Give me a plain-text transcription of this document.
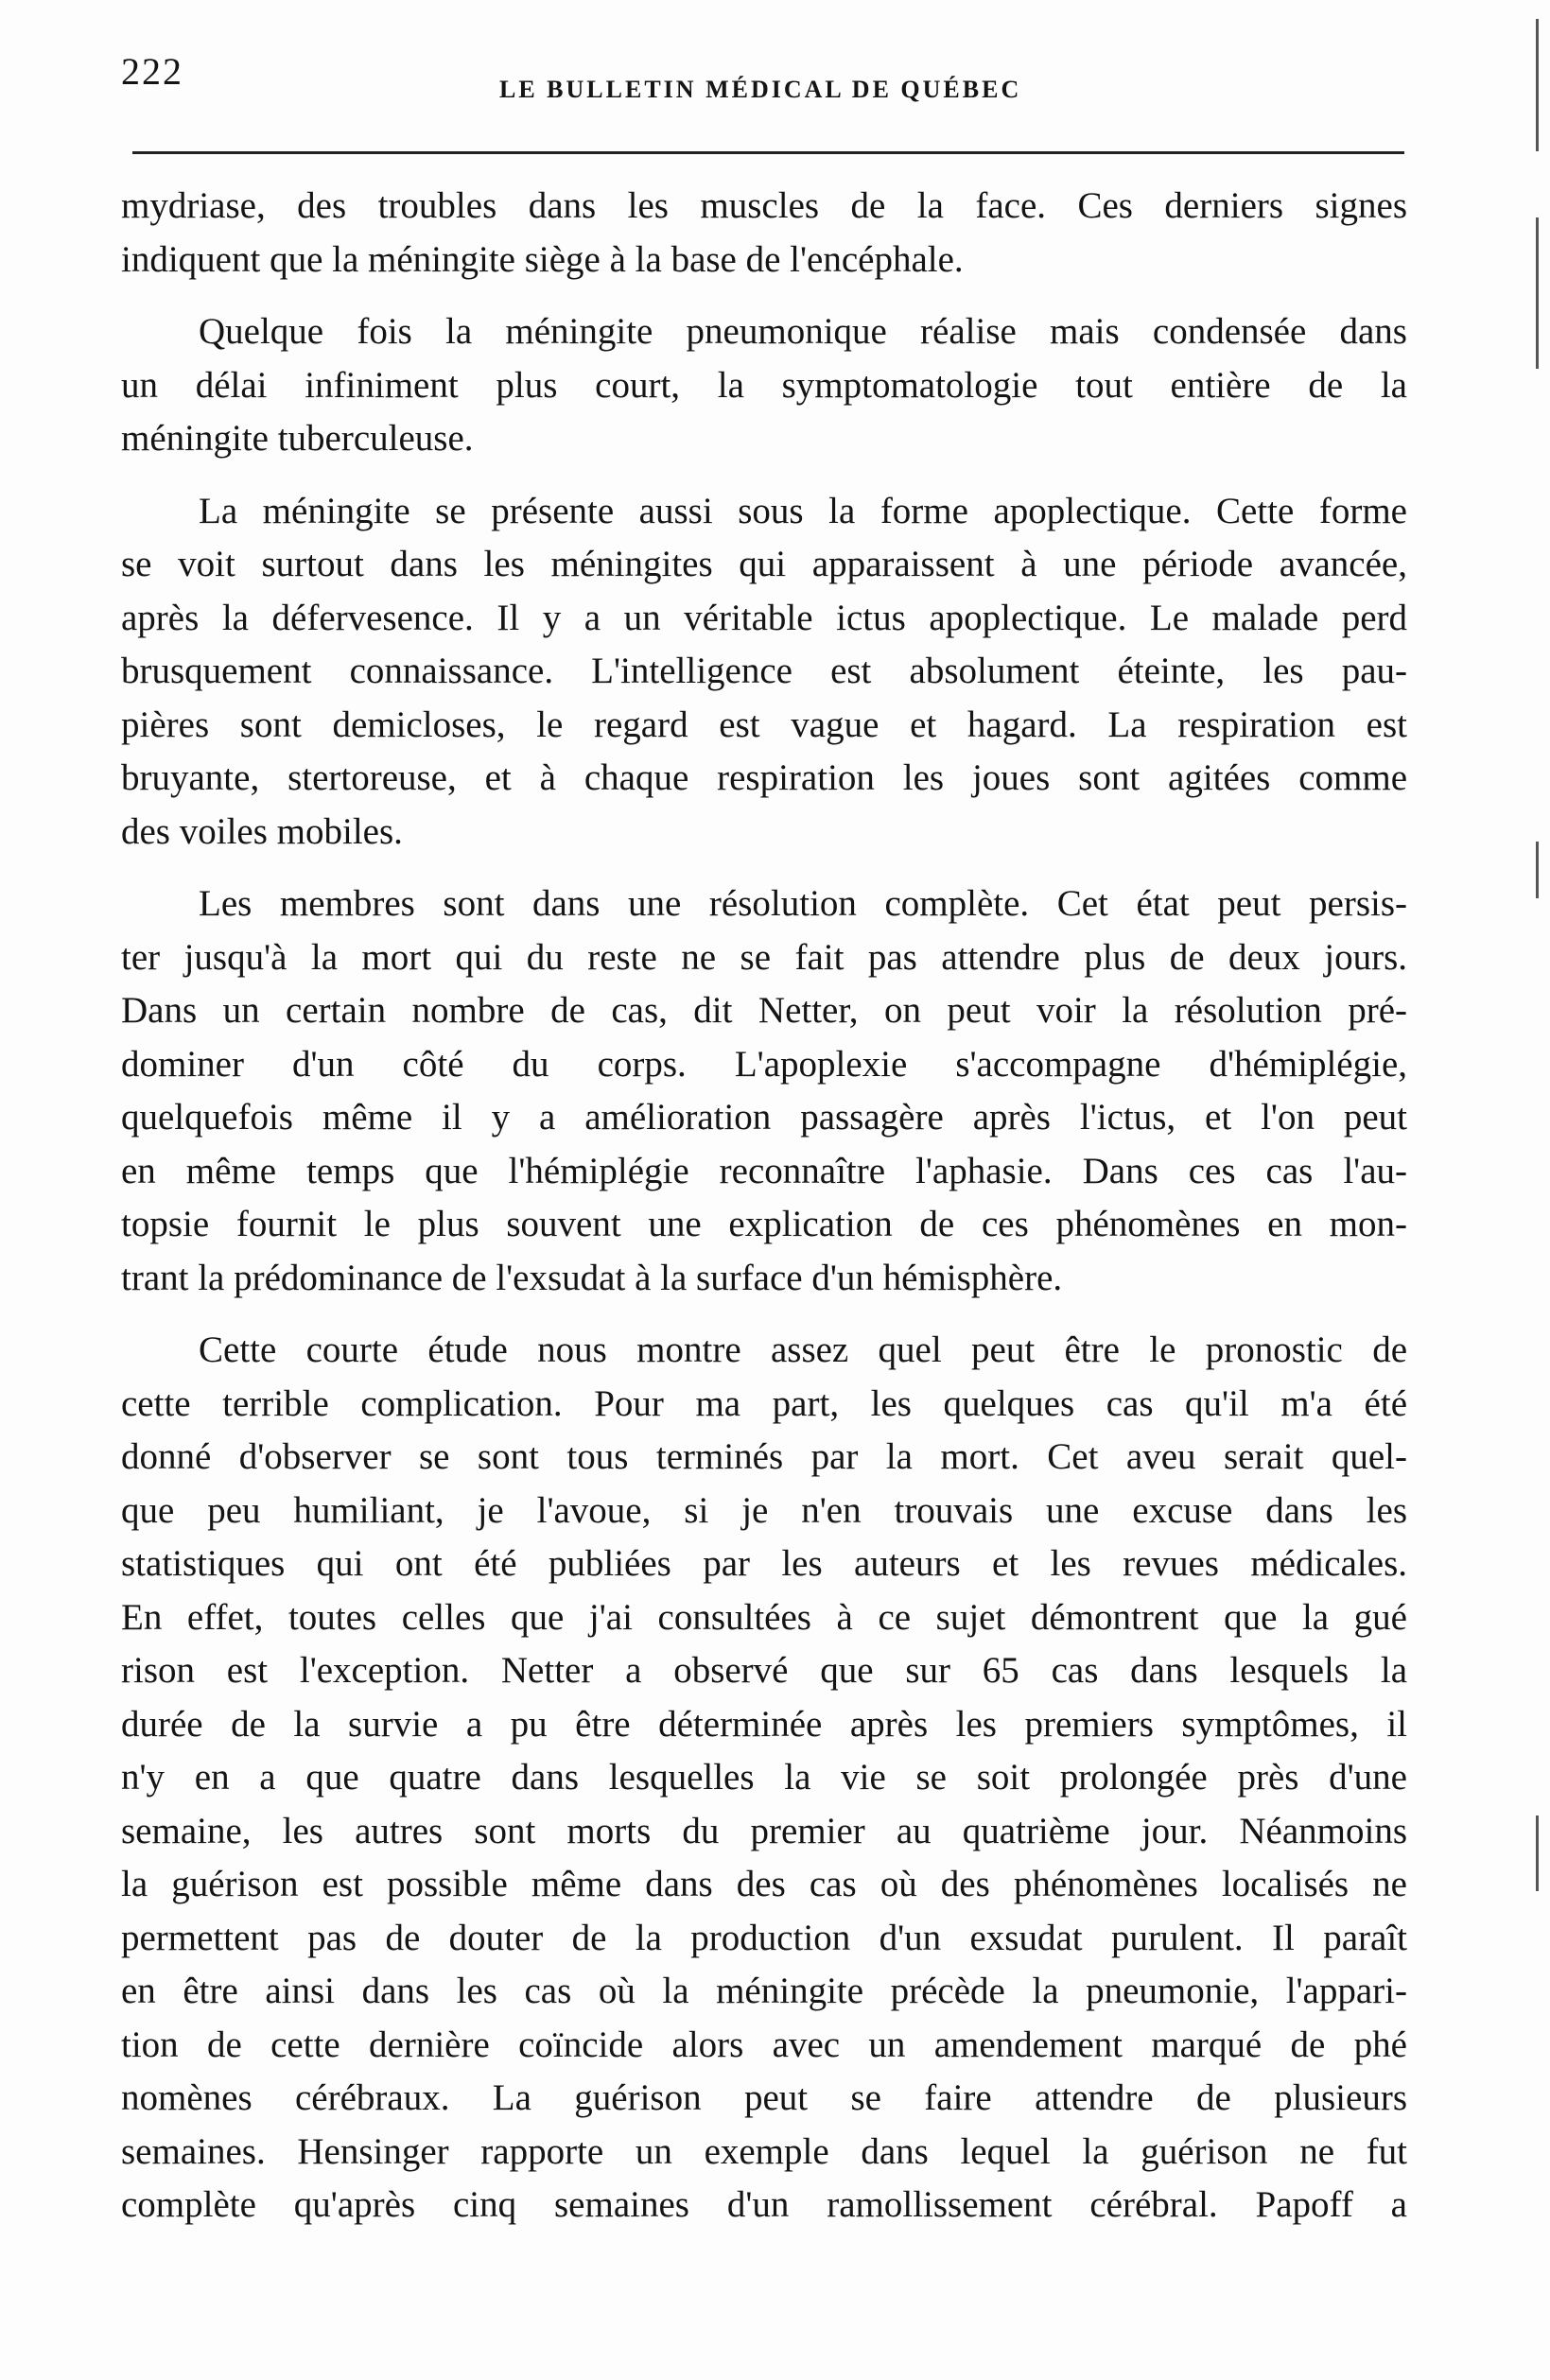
222	LE BULLETIN MÉDICAL DE QUÉBEC

mydriase, des troubles dans les muscles de la face. Ces derniers signes
indiquent que la méningite siège à la base de l'encéphale.

Quelque fois la méningite pneumonique réalise mais condensée dans
un délai infiniment plus court, la symptomatologie tout entière de la
méningite tuberculeuse.

La méningite se présente aussi sous la forme apoplectique. Cette forme
se voit surtout dans les méningites qui apparaissent à une période avancée,
après la défervesence. Il y a un véritable ictus apoplectique. Le malade perd
brusquement connaissance. L'intelligence est absolument éteinte, les pau-
pières sont demicloses, le regard est vague et hagard. La respiration est
bruyante, stertoreuse, et à chaque respiration les joues sont agitées comme
des voiles mobiles.

Les membres sont dans une résolution complète. Cet état peut persis-
ter jusqu'à la mort qui du reste ne se fait pas attendre plus de deux jours.
Dans un certain nombre de cas, dit Netter, on peut voir la résolution pré-
dominer d'un côté du corps. L'apoplexie s'accompagne d'hémiplégie,
quelquefois même il y a amélioration passagère après l'ictus, et l'on peut
en même temps que l'hémiplégie reconnaître l'aphasie. Dans ces cas l'au-
topsie fournit le plus souvent une explication de ces phénomènes en mon-
trant la prédominance de l'exsudat à la surface d'un hémisphère.

Cette courte étude nous montre assez quel peut être le pronostic de
cette terrible complication. Pour ma part, les quelques cas qu'il m'a été
donné d'observer se sont tous terminés par la mort. Cet aveu serait quel-
que peu humiliant, je l'avoue, si je n'en trouvais une excuse dans les
statistiques qui ont été publiées par les auteurs et les revues médicales.
En effet, toutes celles que j'ai consultées à ce sujet démontrent que la gué
rison est l'exception. Netter a observé que sur 65 cas dans lesquels la
durée de la survie a pu être déterminée après les premiers symptômes, il
n'y en a que quatre dans lesquelles la vie se soit prolongée près d'une
semaine, les autres sont morts du premier au quatrième jour. Néanmoins
la guérison est possible même dans des cas où des phénomènes localisés ne
permettent pas de douter de la production d'un exsudat purulent. Il paraît
en être ainsi dans les cas où la méningite précède la pneumonie, l'appari-
tion de cette dernière coïncide alors avec un amendement marqué de phé
nomènes cérébraux. La guérison peut se faire attendre de plusieurs
semaines. Hensinger rapporte un exemple dans lequel la guérison ne fut
complète qu'après cinq semaines d'un ramollissement cérébral. Papoff a
